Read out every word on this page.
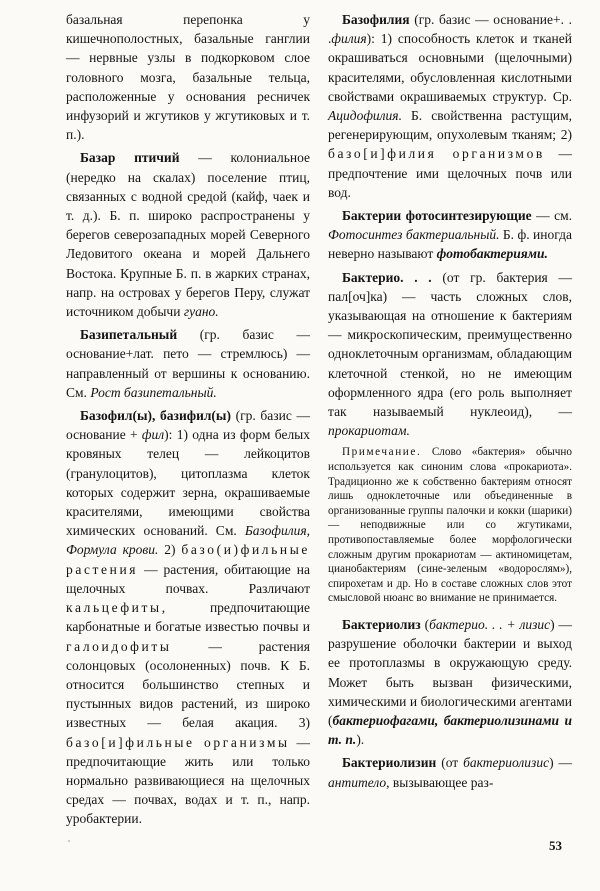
базальная перепонка у кишечнополостных, базальные ганглии — нервные узлы в подкорковом слое головного мозга, базальные тельца, расположенные у основания ресничек инфузорий и жгутиков у жгутиковых и т. п.).

Базар птичий — колониальное (нередко на скалах) поселение птиц, связанных с водной средой (кайф, чаек и т. д.). Б. п. широко распространены у берегов северозападных морей Северного Ледовитого океана и морей Дальнего Востока. Крупные Б. п. в жарких странах, напр. на островах у берегов Перу, служат источником добычи гуано.

Базипетальный (гр. базис — основание+лат. пето — стремлюсь) — направленный от вершины к основанию. См. Рост базипетальный.

Базофил(ы), базифил(ы) (гр. базис — основание + фил): 1) одна из форм белых кровяных телец — лейкоцитов (гранулоцитов), цитоплазма клеток которых содержит зерна, окрашиваемые красителями, имеющими свойства химических оснований. См. Базофилия, Формула крови. 2) базо(и)фильные растения — растения, обитающие на щелочных почвах. Различают кальцефиты, предпочитающие карбонатные и богатые известью почвы и галоидофиты — растения солонцовых (осолоненных) почв. К Б. относится большинство степных и пустынных видов растений, из широко известных — белая акация. 3) базо[и]фильные организмы — предпочитающие жить или только нормально развивающиеся на щелочных средах — почвах, водах и т. п., напр. уробактерии.

Базофилия (гр. базис — основание+. . .филия): 1) способность клеток и тканей окрашиваться основными (щелочными) красителями, обусловленная кислотными свойствами окрашиваемых структур. Ср. Ацидофилия. Б. свойственна растущим, регенерирующим, опухолевым тканям; 2) базо[и]филия организмов — предпочтение ими щелочных почв или вод.

Бактерии фотосинтезирующие — см. Фотосинтез бактериальный. Б. ф. иногда неверно называют фотобактериями.

Бактерио. . . (от гр. бактерия — пал[оч]ка) — часть сложных слов, указывающая на отношение к бактериям — микроскопическим, преимущественно одноклеточным организмам, обладающим клеточной стенкой, но не имеющим оформленного ядра (его роль выполняет так называемый нуклеоид), — прокариотам.

Примечание. Слово «бактерия» обычно используется как синоним слова «прокариота». Традиционно же к собственно бактериям относят лишь одноклеточные или объединенные в организованные группы палочки и кокки (шарики) — неподвижные или со жгутиками, противопоставляемые более морфологически сложным другим прокариотам — актиномицетам, цианобактериям (сине-зеленым «водорослям»), спирохетам и др. Но в составе сложных слов этот смысловой нюанс во внимание не принимается.

Бактериолиз (бактерио. . . + лизис) — разрушение оболочки бактерии и выход ее протоплазмы в окружающую среду. Может быть вызван физическими, химическими и биологическими агентами (бактериофагами, бактериолизинами и т. п.).

Бактериолизин (от бактериолизис) — антитело, вызывающее раз-

53
